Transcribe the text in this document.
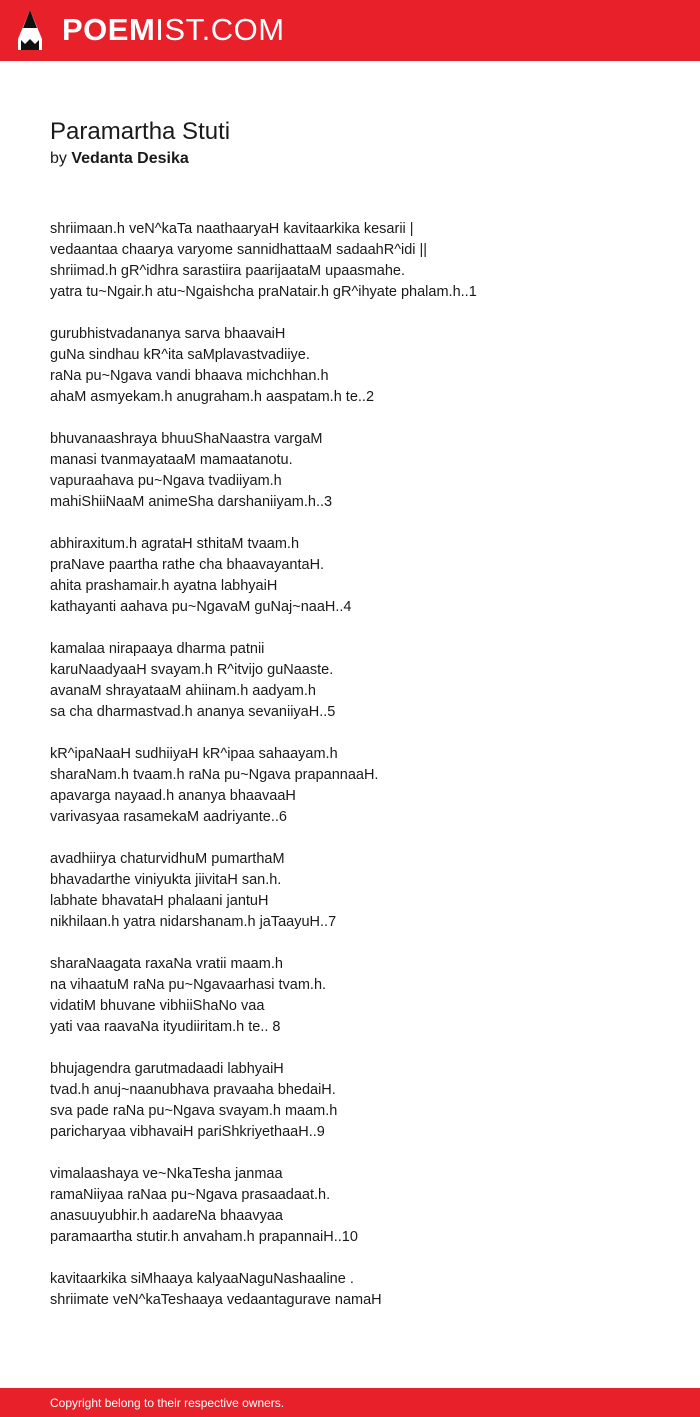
POEMIST.COM
Paramartha Stuti
by Vedanta Desika

shriimaan.h veN^kaTa naathaaryaH kavitaarkika kesarii |
vedaantaa chaarya varyome sannidhattaaM sadaahR^idi ||
shriimad.h gR^idhra sarastiira paarijaataM upaasmahe.
yatra tu~Ngair.h atu~Ngaishcha praNatair.h gR^ihyate phalam.h..1

gurubhistvadananya sarva bhaavaiH
guNa sindhau kR^ita saMplavastvadiiye.
raNa pu~Ngava vandi bhaava michchhan.h
ahaM asmyekam.h anugraham.h aaspatam.h te..2

bhuvanaashraya bhuuShaNaastra vargaM
manasi tvanmayataaM mamaatanotu.
vapuraahava pu~Ngava tvadiiyam.h
mahiShiiNaaM animeSha darshaniiyam.h..3

abhiraxitum.h agrataH sthitaM tvaam.h
praNave paartha rathe cha bhaavayantaH.
ahita prashamair.h ayatna labhyaiH
kathayanti aahava pu~NgavaM guNaj~naaH..4

kamalaa nirapaaya dharma patnii
karuNaadyaaH svayam.h R^itvijo guNaaste.
avanaM shrayataaM ahiinam.h aadyam.h
sa cha dharmastvad.h ananya sevaniiyaH..5

kR^ipaNaaH sudhiiyaH kR^ipaa sahaayam.h
sharaNam.h tvaam.h raNa pu~Ngava prapannaaH.
apavarga nayaad.h ananya bhaavaaH
varivasyaa rasamekaM aadriyante..6

avadhiirya chaturvidhuM pumarthaM
bhavadarthe viniyukta jiivitaH san.h.
labhate bhavataH phalaani jantuH
nikhilaan.h yatra nidarshanam.h jaTaayuH..7

sharaNaagata raxaNa vratii maam.h
na vihaatuM raNa pu~Ngavaarhasi tvam.h.
vidatiM bhuvane vibhiiShaNo vaa
yati vaa raavaNa ityudiiritam.h te.. 8

bhujagendra garutmadaadi labhyaiH
tvad.h anuj~naanubhava pravaaha bhedaiH.
sva pade raNa pu~Ngava svayam.h maam.h
paricharyaa vibhavaiH pariShkriyethaaH..9

vimalaashaya ve~NkaTesha janmaa
ramaNiiyaa raNaa pu~Ngava prasaadaat.h.
anasuuyubhir.h aadareNa bhaavyaa
paramaartha stutir.h anvaham.h prapannaiH..10

kavitaarkika siMhaaya kalyaaNaguNashaaline .
shriimate veN^kaTeshaaya vedaantagurave namaH

Copyright belong to their respective owners.
